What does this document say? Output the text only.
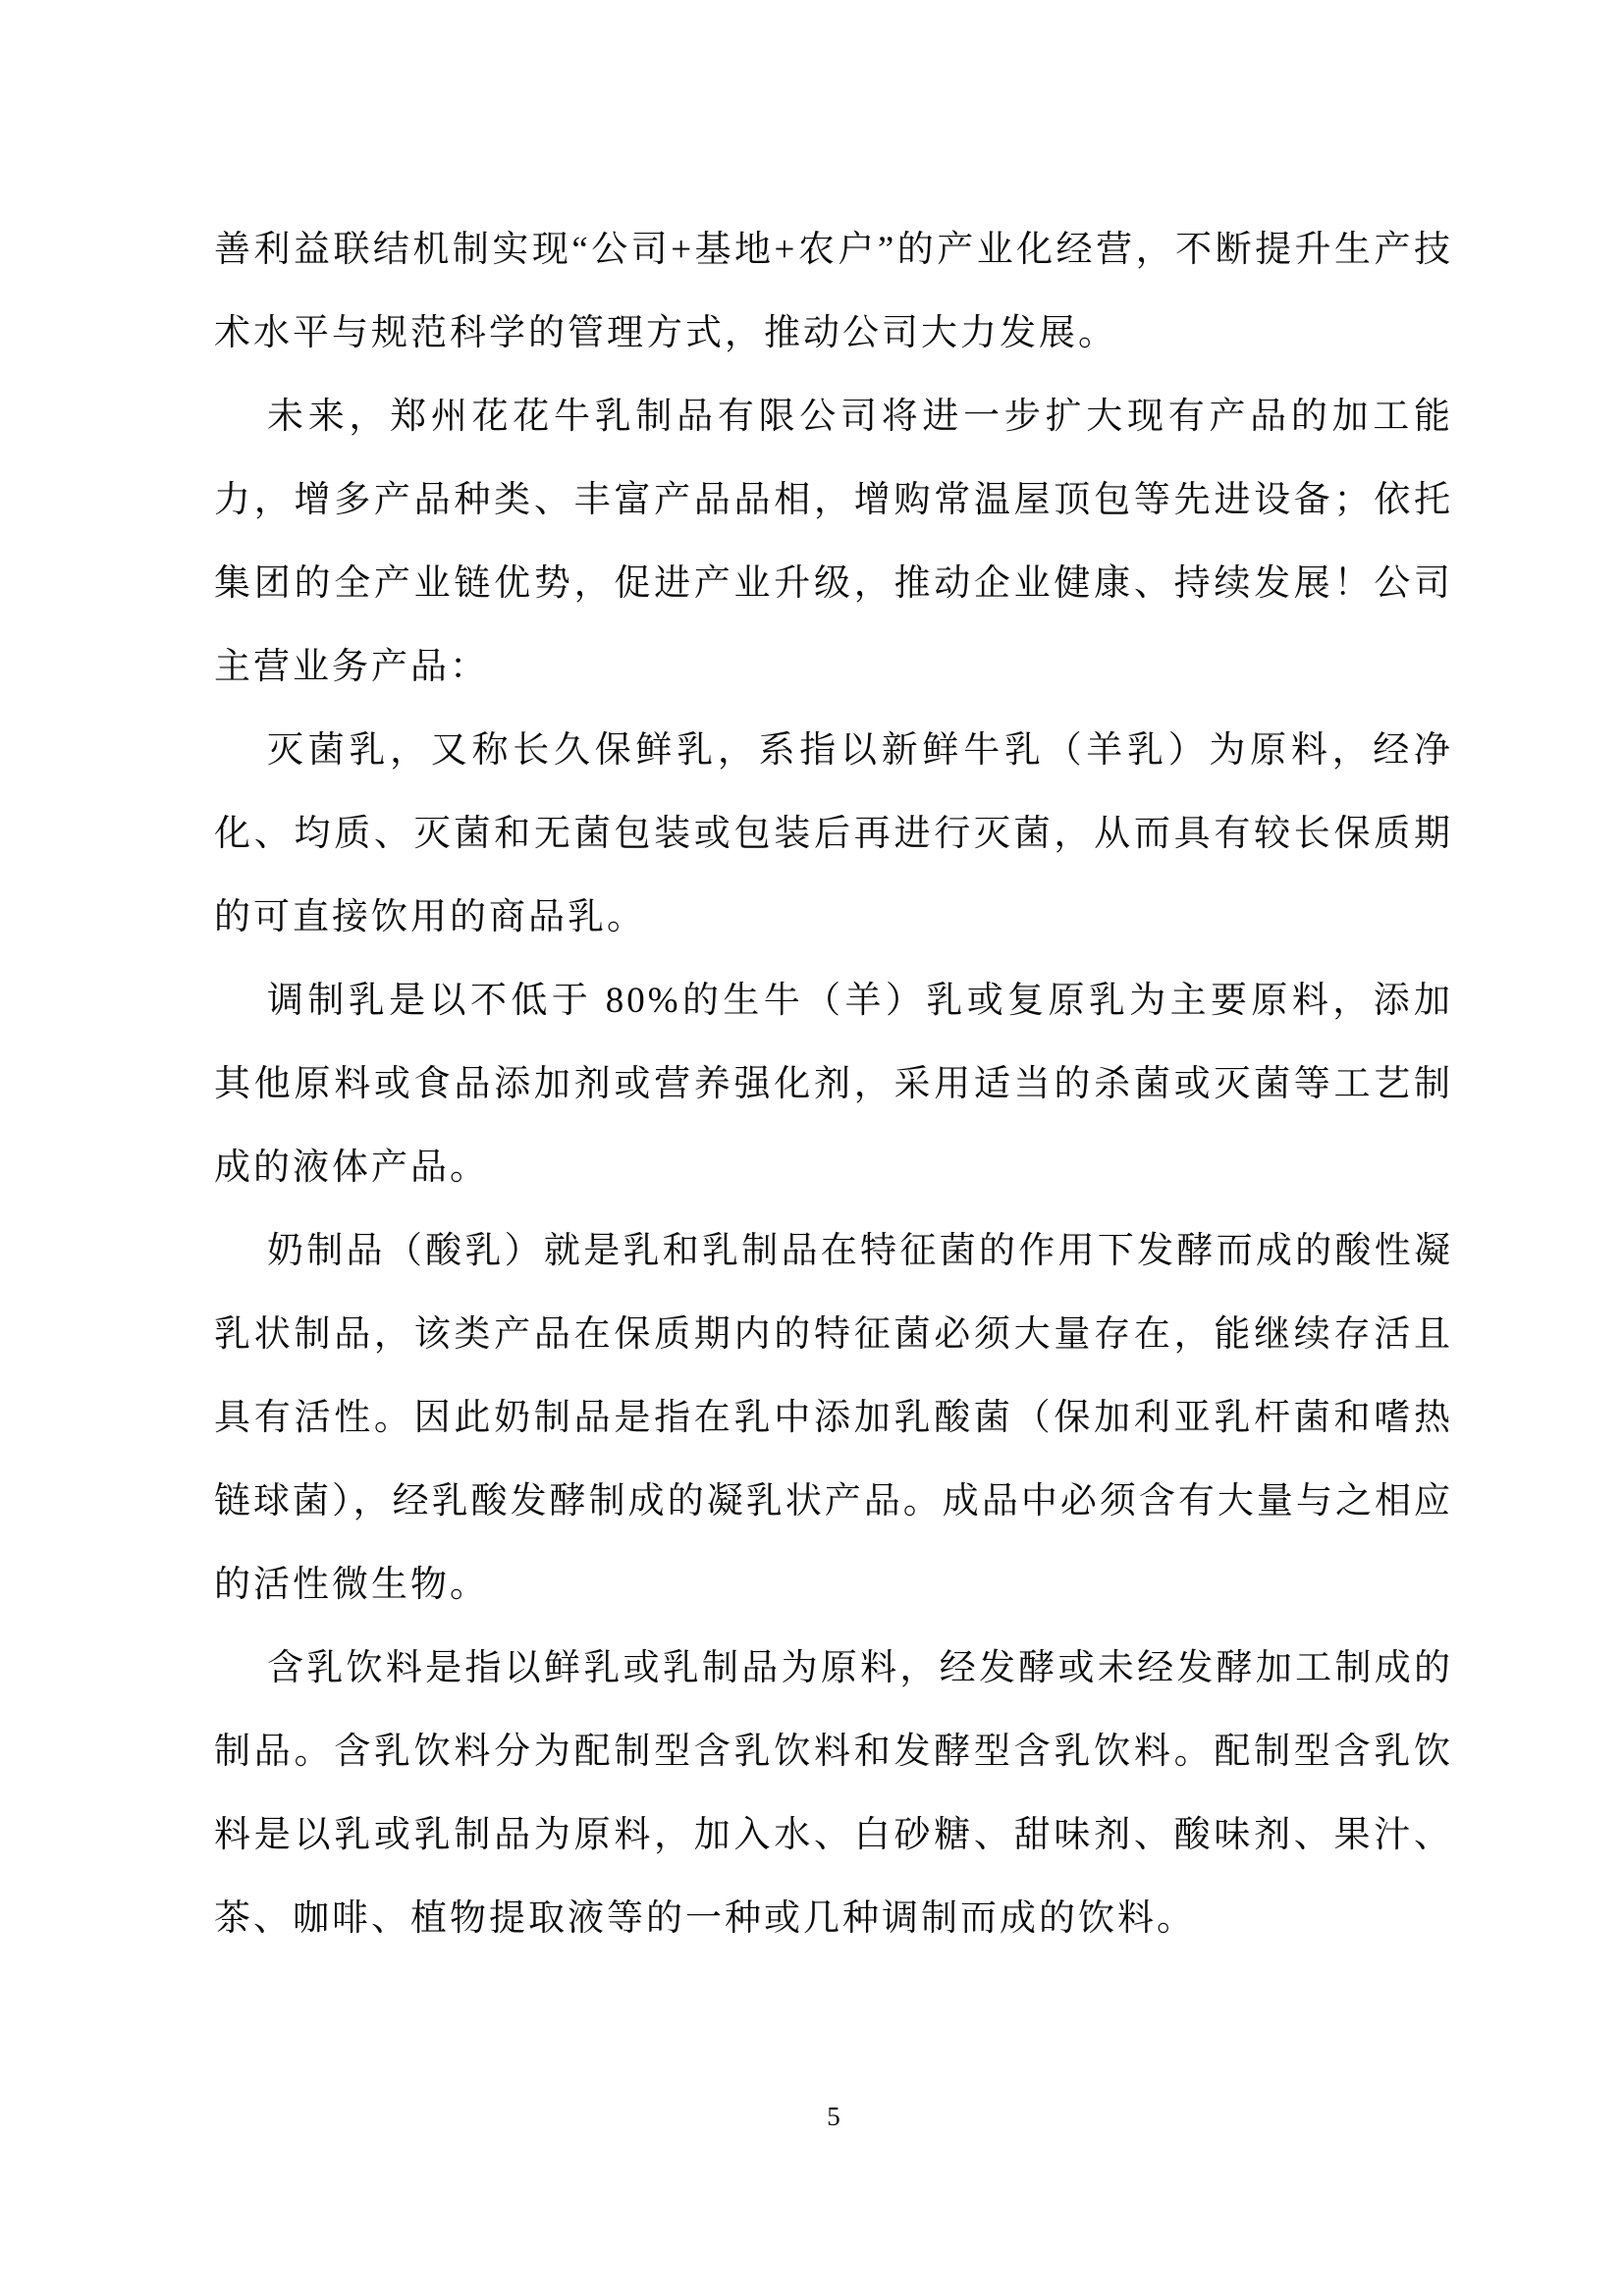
善利益联结机制实现“公司+基地+农户”的产业化经营，不断提升生产技术水平与规范科学的管理方式，推动公司大力发展。

未来，郑州花花牛乳制品有限公司将进一步扩大现有产品的加工能力，增多产品种类、丰富产品品相，增购常温屋顶包等先进设备；依托集团的全产业链优势，促进产业升级，推动企业健康、持续发展！公司主营业务产品：

灭菌乳，又称长久保鲜乳，系指以新鲜牛乳（羊乳）为原料，经净化、均质、灭菌和无菌包装或包装后再进行灭菌，从而具有较长保质期的可直接饮用的商品乳。

调制乳是以不低于 80%的生牛（羊）乳或复原乳为主要原料，添加其他原料或食品添加剂或营养强化剂，采用适当的杀菌或灭菌等工艺制成的液体产品。

奶制品（酸乳）就是乳和乳制品在特征菌的作用下发酵而成的酸性凝乳状制品，该类产品在保质期内的特征菌必须大量存在，能继续存活且具有活性。因此奶制品是指在乳中添加乳酸菌（保加利亚乳杆菌和嗜热链球菌），经乳酸发酵制成的凝乳状产品。成品中必须含有大量与之相应的活性微生物。

含乳饮料是指以鲜乳或乳制品为原料，经发酵或未经发酵加工制成的制品。含乳饮料分为配制型含乳饮料和发酵型含乳饮料。配制型含乳饮料是以乳或乳制品为原料，加入水、白砂糖、甜味剂、酸味剂、果汁、茶、咖啡、植物提取液等的一种或几种调制而成的饮料。

5
